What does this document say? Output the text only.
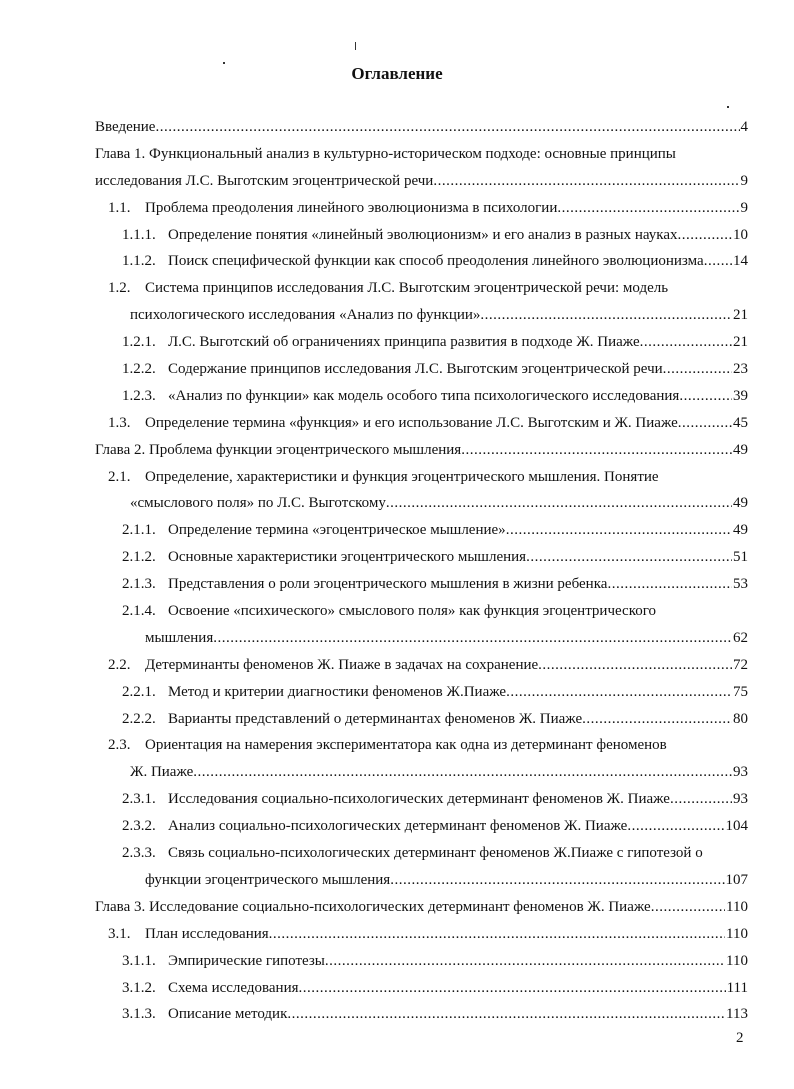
Оглавление
Введение .....	4
Глава 1. Функциональный анализ в культурно-историческом подходе: основные принципы
исследования Л.С. Выготским эгоцентрической речи .....	9
1.1. Проблема преодоления линейного эволюционизма в психологии .....	9
1.1.1. Определение понятия «линейный эволюционизм» и его анализ в разных науках .....	10
1.1.2. Поиск специфической функции как способ преодоления линейного эволюционизма ..... 14
1.2. Система принципов исследования Л.С. Выготским эгоцентрической речи: модель
психологического исследования «Анализ по функции» .....	21
1.2.1. Л.С. Выготский об ограничениях принципа развития в подходе Ж. Пиаже .....	21
1.2.2. Содержание принципов исследования Л.С. Выготским эгоцентрической речи .....	23
1.2.3. «Анализ по функции» как модель особого типа психологического исследования .....	39
1.3. Определение термина «функция» и его использование Л.С. Выготским и Ж. Пиаже .....	45
Глава 2. Проблема функции эгоцентрического мышления .....	49
2.1. Определение, характеристики и функция эгоцентрического мышления. Понятие
«смыслового поля» по Л.С. Выготскому .....	49
2.1.1. Определение термина «эгоцентрическое мышление» .....	49
2.1.2. Основные характеристики эгоцентрического мышления .....	51
2.1.3. Представления о роли эгоцентрического мышления в жизни ребенка .....	53
2.1.4. Освоение «психического» смыслового поля» как функция эгоцентрического
мышления .....	62
2.2. Детерминанты феноменов Ж. Пиаже в задачах на сохранение .....	72
2.2.1. Метод и критерии диагностики феноменов Ж.Пиаже .....	75
2.2.2. Варианты представлений о детерминантах феноменов Ж. Пиаже .....	80
2.3. Ориентация на намерения экспериментатора как одна из детерминант феноменов
Ж. Пиаже .....	93
2.3.1. Исследования социально-психологических детерминант феноменов Ж. Пиаже .....	93
2.3.2. Анализ социально-психологических детерминант феноменов Ж. Пиаже .....	104
2.3.3. Связь социально-психологических детерминант феноменов Ж.Пиаже с гипотезой о
функции эгоцентрического мышления .....	107
Глава 3. Исследование социально-психологических детерминант феноменов Ж. Пиаже .....	110
3.1. План исследования .....	110
3.1.1. Эмпирические гипотезы .....	110
3.1.2. Схема исследования .....	111
3.1.3. Описание методик .....	113
2
